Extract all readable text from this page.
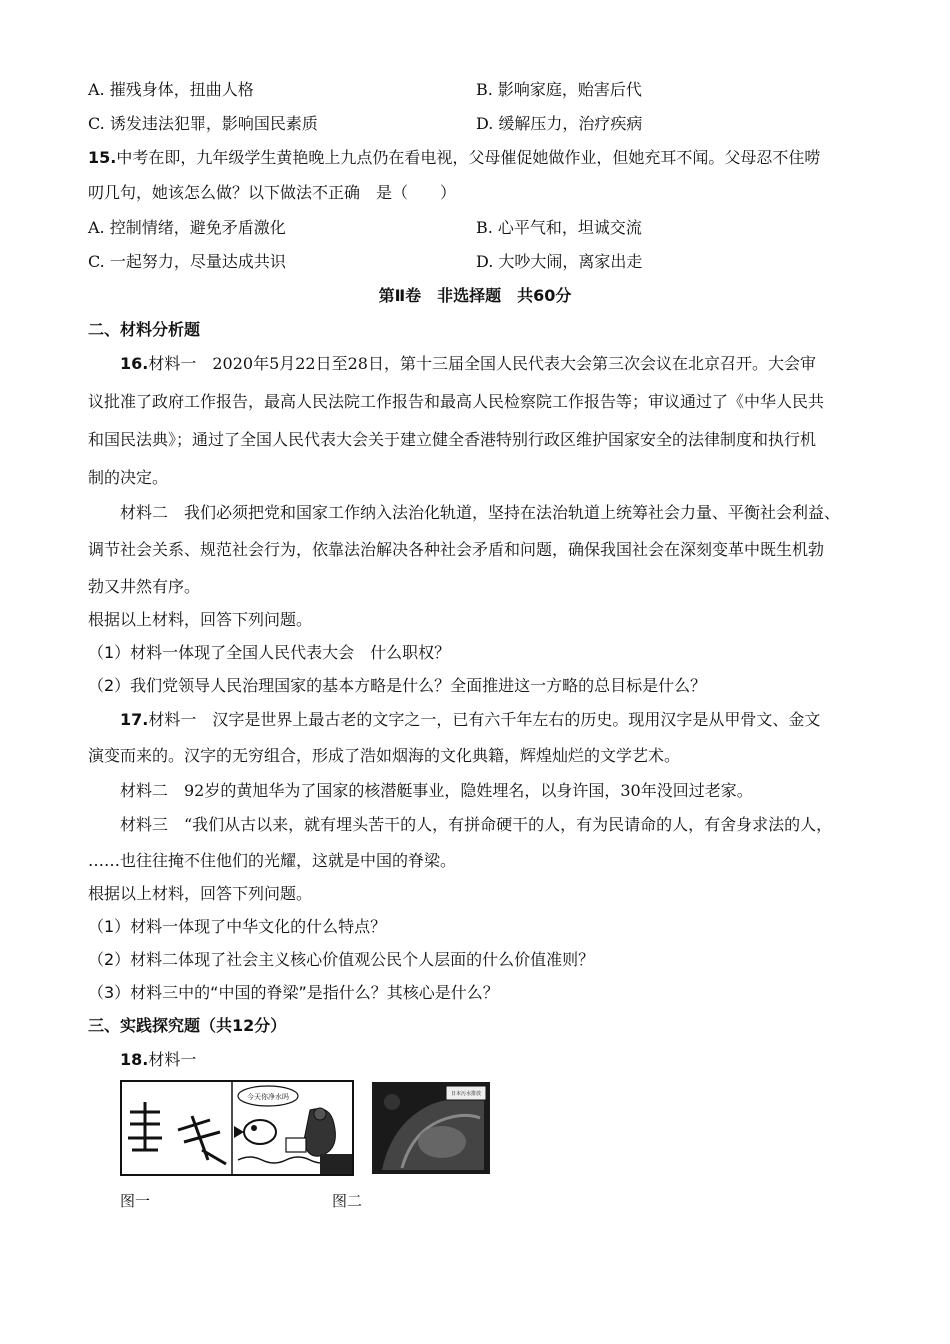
A. 摧残身体，扭曲人格	B. 影响家庭，贻害后代
C. 诱发违法犯罪，影响国民素质	D. 缓解压力，治疗疾病
15.中考在即，九年级学生黄艳晚上九点仍在看电视，父母催促她做作业，但她充耳不闻。父母忍不住唠
叨几句，她该怎么做？以下做法不正确　是（　　）
A. 控制情绪，避免矛盾激化	B. 心平气和，坦诚交流
C. 一起努力，尽量达成共识	D. 大吵大闹，离家出走
第Ⅱ卷　非选择题　共60分
二、材料分析题
16.材料一　2020年5月22日至28日，第十三届全国人民代表大会第三次会议在北京召开。大会审
议批准了政府工作报告，最高人民法院工作报告和最高人民检察院工作报告等；审议通过了《中华人民共
和国民法典》；通过了全国人民代表大会关于建立健全香港特别行政区维护国家安全的法律制度和执行机
制的决定。
材料二　我们必须把党和国家工作纳入法治化轨道，坚持在法治轨道上统筹社会力量、平衡社会利益、
调节社会关系、规范社会行为，依靠法治解决各种社会矛盾和问题，确保我国社会在深刻变革中既生机勃
勃又井然有序。
根据以上材料，回答下列问题。
（1）材料一体现了全国人民代表大会　什么职权？
（2）我们党领导人民治理国家的基本方略是什么？全面推进这一方略的总目标是什么？
17.材料一　汉字是世界上最古老的文字之一，已有六千年左右的历史。现用汉字是从甲骨文、金文
演变而来的。汉字的无穷组合，形成了浩如烟海的文化典籍，辉煌灿烂的文学艺术。
材料二　92岁的黄旭华为了国家的核潜艇事业，隐姓埋名，以身许国，30年没回过老家。
材料三　“我们从古以来，就有埋头苦干的人，有拼命硬干的人，有为民请命的人，有舍身求法的人，
……也往往掩不住他们的光耀，这就是中国的脊梁。
根据以上材料，回答下列问题。
（1）材料一体现了中华文化的什么特点？
（2）材料二体现了社会主义核心价值观公民个人层面的什么价值准则？
（3）材料三中的“中国的脊梁”是指什么？其核心是什么？
三、实践探究题（共12分）
18.材料一
今天你净水吗	日本污水排放
图一	图二
